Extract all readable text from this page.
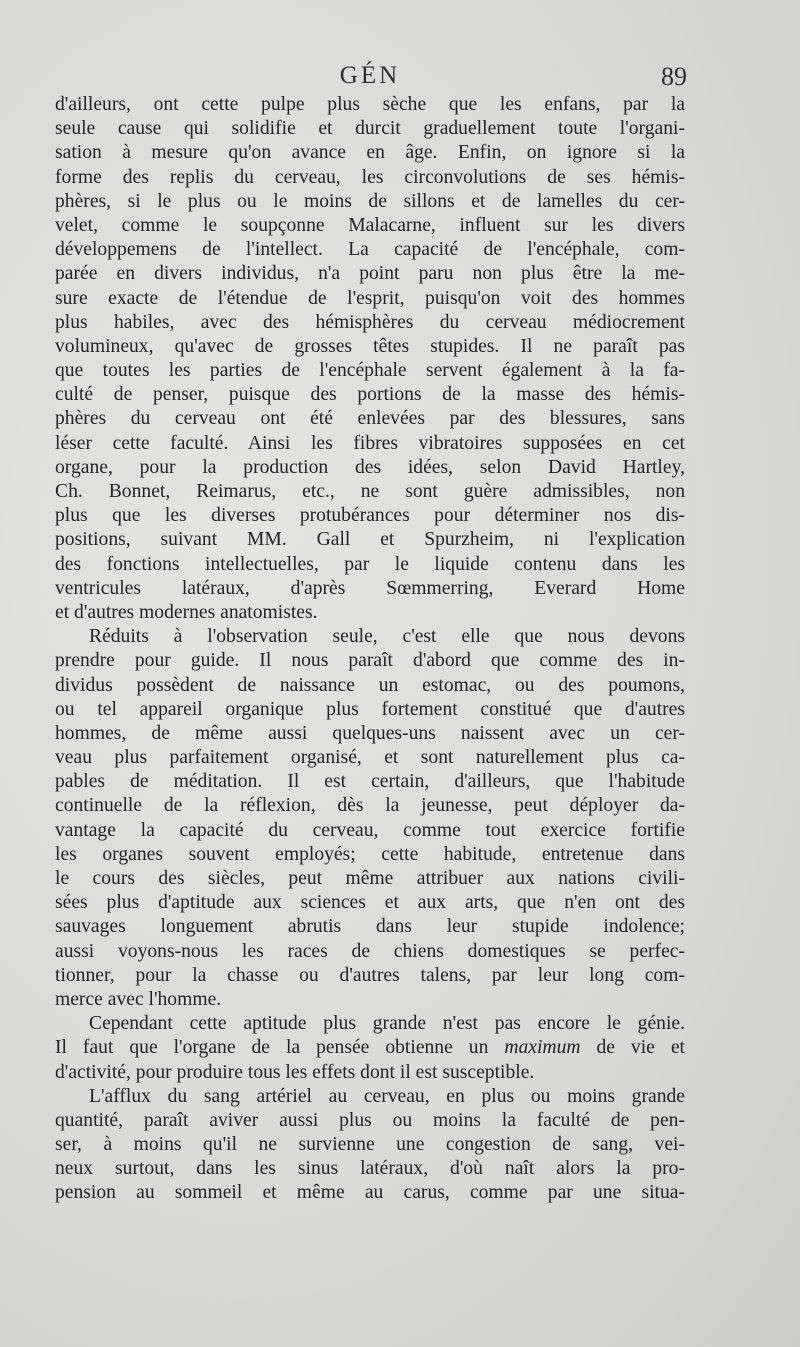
GÉN	89
d'ailleurs, ont cette pulpe plus sèche que les enfans, par la
seule cause qui solidifie et durcit graduellement toute l'organi-
sation à mesure qu'on avance en âge. Enfin, on ignore si la
forme des replis du cerveau, les circonvolutions de ses hémis-
phères, si le plus ou le moins de sillons et de lamelles du cer-
velet, comme le soupçonne Malacarne, influent sur les divers
développemens de l'intellect. La capacité de l'encéphale, com-
parée en divers individus, n'a point paru non plus être la me-
sure exacte de l'étendue de l'esprit, puisqu'on voit des hommes
plus habiles, avec des hémisphères du cerveau médiocrement
volumineux, qu'avec de grosses têtes stupides. Il ne paraît pas
que toutes les parties de l'encéphale servent également à la fa-
culté de penser, puisque des portions de la masse des hémis-
phères du cerveau ont été enlevées par des blessures, sans
léser cette faculté. Ainsi les fibres vibratoires supposées en cet
organe, pour la production des idées, selon David Hartley,
Ch. Bonnet, Reimarus, etc., ne sont guère admissibles, non
plus que les diverses protubérances pour déterminer nos dis-
positions, suivant MM. Gall et Spurzheim, ni l'explication
des fonctions intellectuelles, par le liquide contenu dans les
ventricules latéraux, d'après Sœmmerring, Everard Home
et d'autres modernes anatomistes.
Réduits à l'observation seule, c'est elle que nous devons
prendre pour guide. Il nous paraît d'abord que comme des in-
dividus possèdent de naissance un estomac, ou des poumons,
ou tel appareil organique plus fortement constitué que d'autres
hommes, de même aussi quelques-uns naissent avec un cer-
veau plus parfaitement organisé, et sont naturellement plus ca-
pables de méditation. Il est certain, d'ailleurs, que l'habitude
continuelle de la réflexion, dès la jeunesse, peut déployer da-
vantage la capacité du cerveau, comme tout exercice fortifie
les organes souvent employés; cette habitude, entretenue dans
le cours des siècles, peut même attribuer aux nations civili-
sées plus d'aptitude aux sciences et aux arts, que n'en ont des
sauvages longuement abrutis dans leur stupide indolence;
aussi voyons-nous les races de chiens domestiques se perfec-
tionner, pour la chasse ou d'autres talens, par leur long com-
merce avec l'homme.
Cependant cette aptitude plus grande n'est pas encore le génie.
Il faut que l'organe de la pensée obtienne un maximum de vie et
d'activité, pour produire tous les effets dont il est susceptible.
L'afflux du sang artériel au cerveau, en plus ou moins grande
quantité, paraît aviver aussi plus ou moins la faculté de pen-
ser, à moins qu'il ne survienne une congestion de sang, vei-
neux surtout, dans les sinus latéraux, d'où naît alors la pro-
pension au sommeil et même au carus, comme par une situa-
